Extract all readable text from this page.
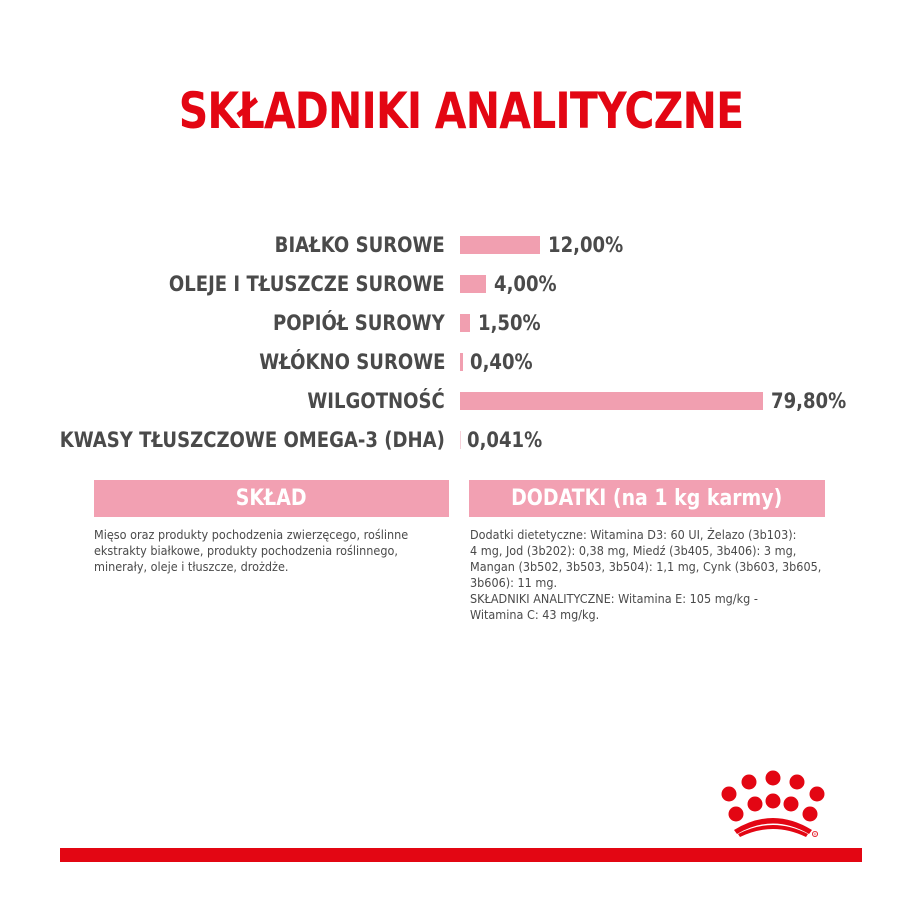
SKŁADNIKI ANALITYCZNE
BIAŁKO SUROWE	12,00%
OLEJE I TŁUSZCZE SUROWE 4,00%
POPIÓŁ SUROWY 1,50%
WŁÓKNO SUROWE 0,40%
WILGOTNOŚĆ	79,80%
KWASY TŁUSZCZOWE OMEGA-3 (DHA) 0,041%
SKŁAD
Mięso oraz produkty pochodzenia zwierzęcego, roślinne
ekstrakty białkowe, produkty pochodzenia roślinnego,
minerały, oleje i tłuszcze, drożdże.
DODATKI (na 1 kg karmy)
Dodatki dietetyczne: Witamina D3: 60 UI, Żelazo (3b103):
4 mg, Jod (3b202): 0,38 mg, Miedź (3b405, 3b406): 3 mg,
Mangan (3b502, 3b503, 3b504): 1,1 mg, Cynk (3b603, 3b605,
3b606): 11 mg.
SKŁADNIKI ANALITYCZNE: Witamina E: 105 mg/kg -
Witamina C: 43 mg/kg.
®
